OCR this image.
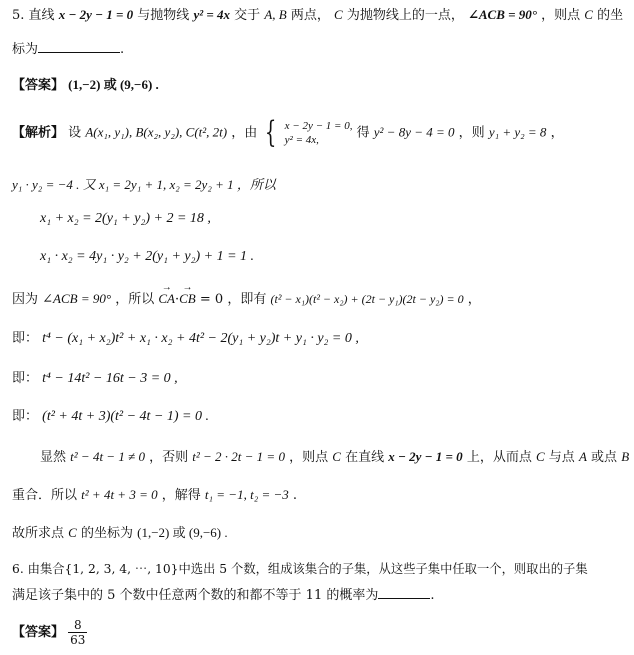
5. 直线 x − 2y − 1 = 0 与抛物线 y² = 4x 交于 A, B 两点， C 为抛物线上的一点， ∠ACB = 90° ，则点 C 的坐
标为	.
【答案】 (1,−2) 或 (9,−6) .
【解析】 设 A(x₁, y₁), B(x₂, y₂), C(t², 2t) ，由 { x − 2y − 1 = 0,
y² = 4x,	得 y² − 8y − 4 = 0 ，则 y₁ + y₂ = 8 ，
y₁ · y₂ = −4 . 又 x₁ = 2y₁ + 1, x₂ = 2y₂ + 1 ，所以
x₁ + x₂ = 2(y₁ + y₂) + 2 = 18 ,
x₁ · x₂ = 4y₁ · y₂ + 2(y₁ + y₂) + 1 = 1 .
因为 ∠ACB = 90° ，所以 → CA·→ CB = 0 ，即有 (t² − x₁)(t² − x₂) + (2t − y₁)(2t − y₂) = 0 ，
即： t⁴ − (x₁ + x₂)t² + x₁ · x₂ + 4t² − 2(y₁ + y₂)t + y₁ · y₂ = 0 ,
即： t⁴ − 14t² − 16t − 3 = 0 ,
即： (t² + 4t + 3)(t² − 4t − 1) = 0 .
显然 t² − 4t − 1 ≠ 0 ，否则 t² − 2 · 2t − 1 = 0 ，则点 C 在直线 x − 2y − 1 = 0 上，从而点 C 与点 A 或点 B
重合．所以 t² + 4t + 3 = 0 ，解得 t₁ = −1, t₂ = −3 .
故所求点 C 的坐标为 (1,−2) 或 (9,−6) .
6. 由集合{1, 2, 3, 4, ⋯, 10}中选出 5 个数，组成该集合的子集，从这些子集中任取一个，则取出的子集
满足该子集中的 5 个数中任意两个数的和都不等于 11 的概率为	.
【答案】 $\frac{8}{63}$
